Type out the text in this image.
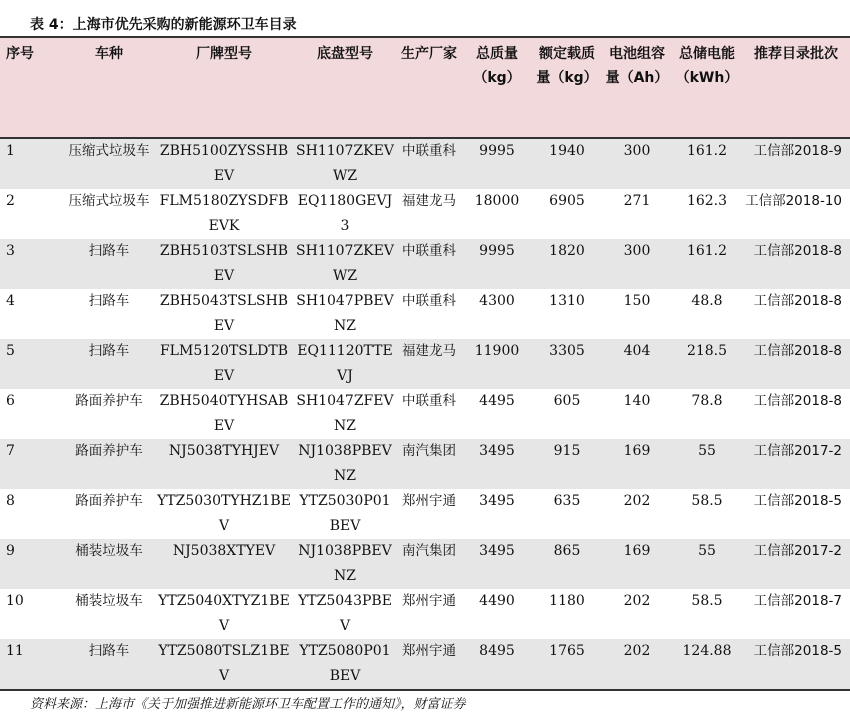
表 4：上海市优先采购的新能源环卫车目录
序号	车种	厂牌型号	底盘型号	生产厂家	总质量（kg）	额定载质量（kg）	电池组容量（Ah）	总储电能（kWh）	推荐目录批次
1	压缩式垃圾车	ZBH5100ZYSSHBEV	SH1107ZKEVWZ	中联重科	9995	1940	300	161.2	工信部2018-9
2	压缩式垃圾车	FLM5180ZYSDFBEVK	EQ1180GEVJ3	福建龙马	18000	6905	271	162.3	工信部2018-10
3	扫路车	ZBH5103TSLSHBEV	SH1107ZKEVWZ	中联重科	9995	1820	300	161.2	工信部2018-8
4	扫路车	ZBH5043TSLSHBEV	SH1047PBEVNZ	中联重科	4300	1310	150	48.8	工信部2018-8
5	扫路车	FLM5120TSLDTBEV	EQ11120TTEVJ	福建龙马	11900	3305	404	218.5	工信部2018-8
6	路面养护车	ZBH5040TYHSABEV	SH1047ZFEVNZ	中联重科	4495	605	140	78.8	工信部2018-8
7	路面养护车	NJ5038TYHJEV	NJ1038PBEVNZ	南汽集团	3495	915	169	55	工信部2017-2
8	路面养护车	YTZ5030TYHZ1BEV	YTZ5030P01BEV	郑州宇通	3495	635	202	58.5	工信部2018-5
9	桶装垃圾车	NJ5038XTYEV	NJ1038PBEVNZ	南汽集团	3495	865	169	55	工信部2017-2
10	桶装垃圾车	YTZ5040XTYZ1BEV	YTZ5043PBEV	郑州宇通	4490	1180	202	58.5	工信部2018-7
11	扫路车	YTZ5080TSLZ1BEV	YTZ5080P01BEV	郑州宇通	8495	1765	202	124.88	工信部2018-5
资料来源：上海市《关于加强推进新能源环卫车配置工作的通知》，财富证券
